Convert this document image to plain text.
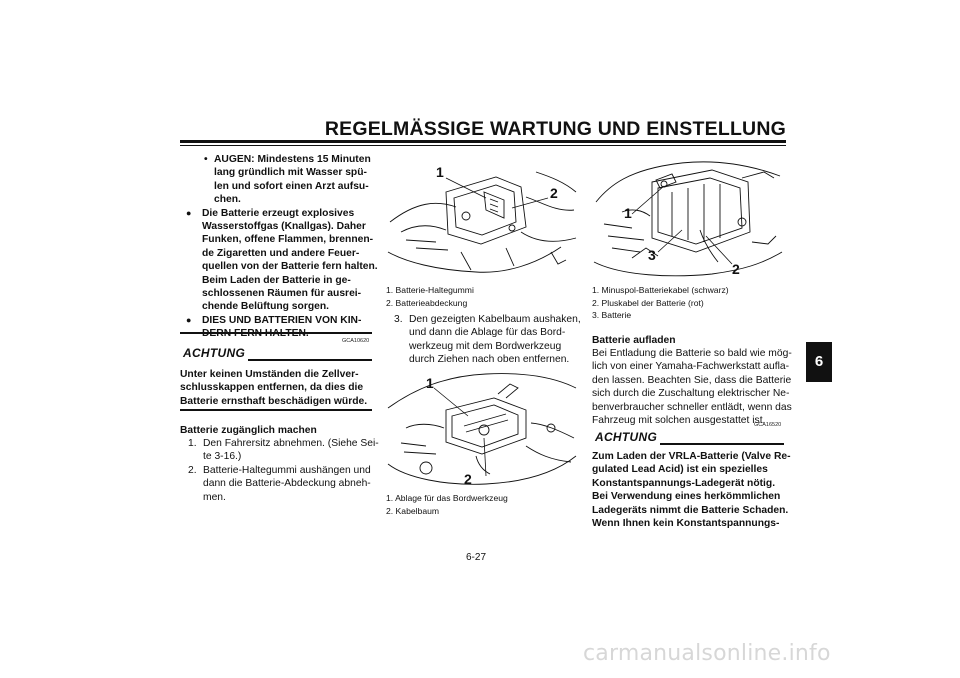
REGELMÄSSIGE WARTUNG UND EINSTELLUNG
6
• AUGEN: Mindestens 15 Minuten
lang gründlich mit Wasser spü-
len und sofort einen Arzt aufsu-
chen.
● Die Batterie erzeugt explosives
Wasserstoffgas (Knallgas). Daher
Funken, offene Flammen, brennen-
de Zigaretten und andere Feuer-
quellen von der Batterie fern halten.
Beim Laden der Batterie in ge-
schlossenen Räumen für ausrei-
chende Belüftung sorgen.
● DIES UND BATTERIEN VON KIN-
GCA10620
ACHTUNG
Unter keinen Umständen die Zellver-
schlusskappen entfernen, da dies die
Batterie ernsthaft beschädigen würde.
Batterie zugänglich machen
1. Den Fahrersitz abnehmen. (Siehe Sei-
te 3-16.)
2. Batterie-Haltegummi aushängen und
dann die Batterie-Abdeckung abneh-
men.
1
2
1. Batterie-Haltegummi
2. Batterieabdeckung
3. Den gezeigten Kabelbaum aushaken,
und dann die Ablage für das Bord-
werkzeug mit dem Bordwerkzeug
durch Ziehen nach oben entfernen.
1
2
1. Ablage für das Bordwerkzeug
2. Kabelbaum
1
2
3
1. Minuspol-Batteriekabel (schwarz)
2. Pluskabel der Batterie (rot)
3. Batterie
Batterie aufladen
Bei Entladung die Batterie so bald wie mög-
lich von einer Yamaha-Fachwerkstatt aufla-
den lassen. Beachten Sie, dass die Batterie
sich durch die Zuschaltung elektrischer Ne-
benverbraucher schneller entlädt, wenn das
Fahrzeug mit solchen ausgestattet ist.
GCA16520
ACHTUNG
Zum Laden der VRLA-Batterie (Valve Re-
gulated Lead Acid) ist ein spezielles
Konstantspannungs-Ladegerät nötig.
Bei Verwendung eines herkömmlichen
Ladegeräts nimmt die Batterie Schaden.
Wenn Ihnen kein Konstantspannungs-
6-27
carmanualsonline.info
